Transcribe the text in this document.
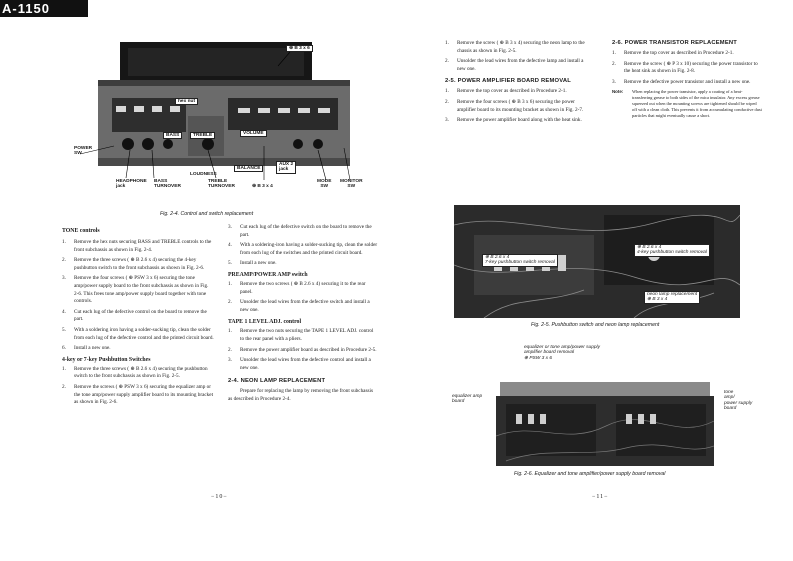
A-1150
⊕ B 3 x 6
hex nut
BASS	TREBLE	VOLUME
POWER
SW
BALANCE
AUX 2
jack
LOUDNESS
HEADPHONE
jack
BASS
TURNOVER
TREBLE
TURNOVER	⊕ B 3 x 4
MODE
SW
MONITOR
SW
Fig. 2-4. Control and switch replacement
TONE controls
1.	Remove the hex nuts securing BASS and TREBLE controls to the front subchassis as shown in Fig. 2-4.
2.	Remove the three screws ( ⊕ B 2.6 x 4) securing the 4-key pushbutton switch to the front subchassis as shown in Fig. 2-6.
3.	Remove the four screws ( ⊕ PSW 3 x 6) securing the tone amp/power supply board to the front subchassis as shown in Fig. 2-6. This frees tone amp/power supply board together with tone controls.
4.	Cut each lug of the defective control on the board to remove the part.
5.	With a soldering iron having a solder-sucking tip, clean the solder from each lug of the defective control and the printed circuit board.
6.	Install a new one.
4-key or 7-key Pushbutton Switches
1.	Remove the three screws ( ⊕ B 2.6 x 4) securing the pushbutton switch to the front subchassis as shown in Fig. 2-5.
2.	Remove the screws ( ⊕ PSW 3 x 6) securing the equalizer amp or the tone amp/power supply amplifier board to its mounting bracket as shown in Fig. 2-6.
3.	Cut each lug of the defective switch on the board to remove the part.
4.	With a soldering-iron having a solder-sucking tip, clean the solder from each lug of the switches and the printed circuit board.
5.	Install a new one.
PREAMP/POWER AMP switch
1.	Remove the two screws ( ⊕ B 2.6 x 4) securing it to the rear panel.
2.	Unsolder the lead wires from the defective switch and install a new one.
TAPE 1 LEVEL ADJ. control
1.	Remove the two nuts securing the TAPE 1 LEVEL ADJ. control to the rear panel with a pliers.
2.	Remove the power amplifier board as described in Procedure 2-5.
3.	Unsolder the lead wires from the defective control and install a new one.
2-4. NEON LAMP REPLACEMENT
Prepare for replacing the lamp by removing the front subchassis as described in Procedure 2-4.
−10−
1.	Remove the screw ( ⊕ B 3 x 4) securing the neon lamp to the chassis as shown in Fig. 2-5.
2.	Unsolder the lead wires from the defective lamp and install a new one.
2-5. POWER AMPLIFIER BOARD REMOVAL
1.	Remove the top cover as described in Procedure 2-1.
2.	Remove the four screws ( ⊕ B 3 x 6) securing the power amplifier board to its mounting bracket as shown in Fig. 2-7.
3.	Remove the power amplifier board along with the heat sink.
2-6. POWER TRANSISTOR REPLACEMENT
1.	Remove the top cover as described in Procedure 2-1.
2.	Remove the screw ( ⊕ P 3 x 10) securing the power transistor to the heat sink as shown in Fig. 2-8.
3.	Remove the defective power transistor and install a new one.
Note:	When replacing the power transistor, apply a coating of a heat-transferring grease to both sides of the mica insulator. Any excess grease squeezed out when the mounting screws are tightened should be wiped off with a clean cloth. This prevents it from accumulating conductive dust particles that might eventually cause a short.
⊕ B 2.6 x 4
7-key pushbutton switch removal
⊕ B 2.6 x 4
4-key pushbutton switch removal
neon lamp replacement
⊕ B 3 x 4
Fig. 2-5. Pushbutton switch and neon lamp replacement
equalizer or tone amp/power supply
amplifier board removal
⊕ PSW 3 x 6
equalizer amp
board
tone
amp/
power supply
board
Fig. 2-6. Equalizer and tone amplifier/power supply board removal
−11−
